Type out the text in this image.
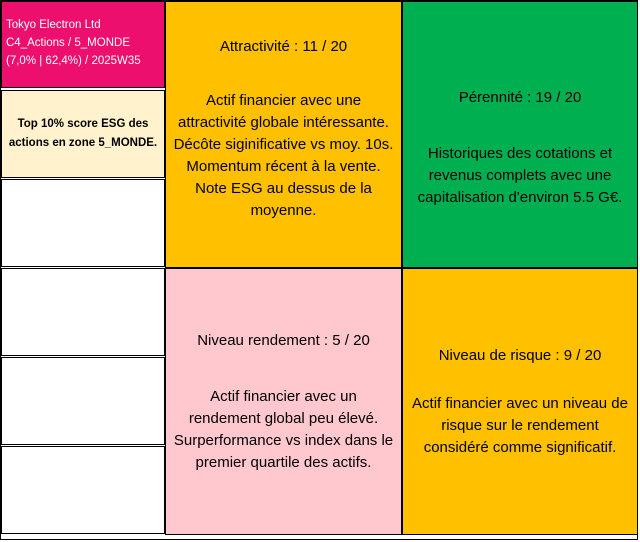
Tokyo Electron Ltd
C4_Actions / 5_MONDE
(7,0% | 62,4%) / 2025W35
Top 10% score ESG des actions en zone 5_MONDE.
Attractivité : 11 / 20
Actif financier avec une
attractivité globale intéressante.
Décôte siginificative vs moy. 10s.
Momentum récent à la vente.
Note ESG au dessus de la
moyenne.
Pérennité : 19 / 20
Historiques des cotations et
revenus complets avec une
capitalisation d'environ 5.5 G€.
Niveau rendement : 5 / 20
Actif financier avec un
rendement global peu élevé.
Surperformance vs index dans le
premier quartile des actifs.
Niveau de risque : 9 / 20
Actif financier avec un niveau de
risque sur le rendement
considéré comme significatif.
